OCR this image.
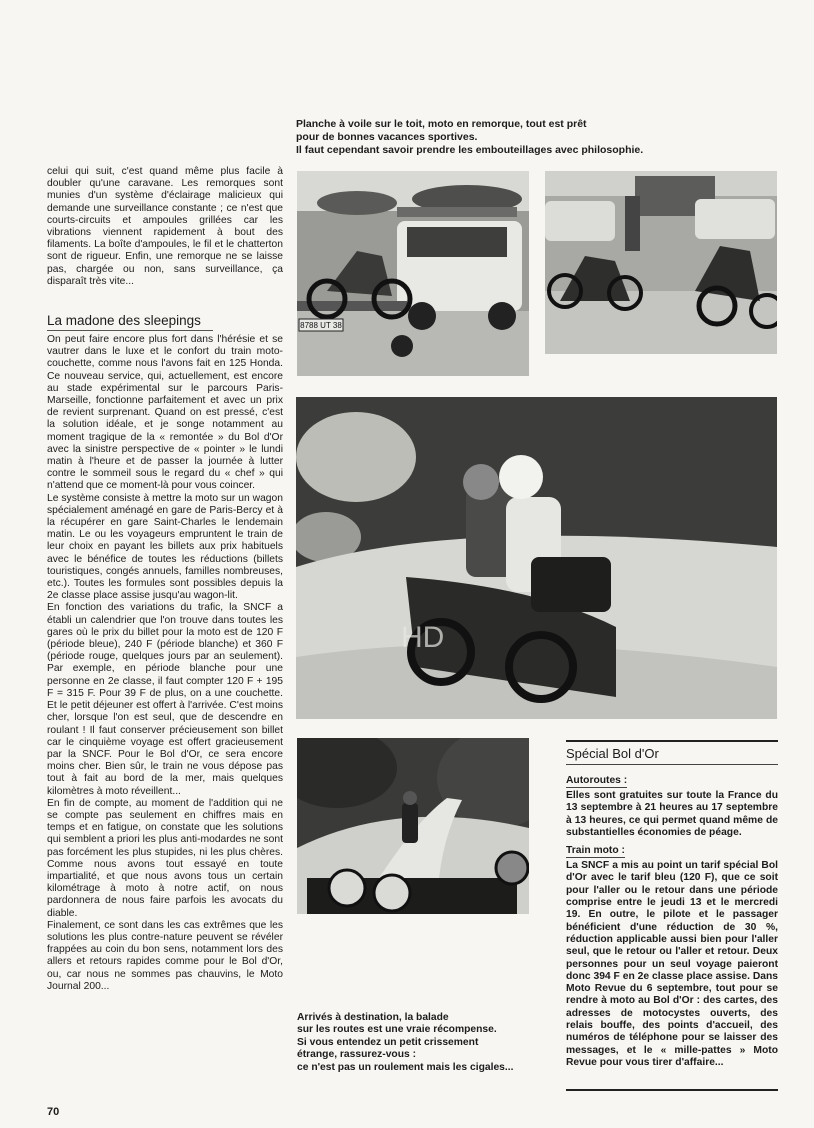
Planche à voile sur le toit, moto en remorque, tout est prêt
pour de bonnes vacances sportives.
Il faut cependant savoir prendre les embouteillages avec philosophie.

celui qui suit, c'est quand même plus facile à doubler qu'une caravane. Les remorques sont munies d'un système d'éclairage malicieux qui demande une surveillance constante ; ce n'est que courts-circuits et ampoules grillées car les vibrations viennent rapidement à bout des filaments. La boîte d'ampoules, le fil et le chatterton sont de rigueur. Enfin, une remorque ne se laisse pas, chargée ou non, sans surveillance, ça disparaît très vite...

La madone des sleepings

On peut faire encore plus fort dans l'hérésie et se vautrer dans le luxe et le confort du train moto-couchette, comme nous l'avons fait en 125 Honda. Ce nouveau service, qui, actuellement, est encore au stade expérimental sur le parcours Paris-Marseille, fonctionne parfaitement et avec un prix de revient surprenant. Quand on est pressé, c'est la solution idéale, et je songe notamment au moment tragique de la « remontée » du Bol d'Or avec la sinistre perspective de « pointer » le lundi matin à l'heure et de passer la journée à lutter contre le sommeil sous le regard du « chef » qui n'attend que ce moment-là pour vous coincer.

Le système consiste à mettre la moto sur un wagon spécialement aménagé en gare de Paris-Bercy et à la récupérer en gare Saint-Charles le lendemain matin. Le ou les voyageurs empruntent le train de leur choix en payant les billets aux prix habituels avec le bénéfice de toutes les réductions (billets touristiques, congés annuels, familles nombreuses, etc.). Toutes les formules sont possibles depuis la 2e classe place assise jusqu'au wagon-lit.

En fonction des variations du trafic, la SNCF a établi un calendrier que l'on trouve dans toutes les gares où le prix du billet pour la moto est de 120 F (période bleue), 240 F (période blanche) et 360 F (période rouge, quelques jours par an seulement). Par exemple, en période blanche pour une personne en 2e classe, il faut compter 120 F + 195 F = 315 F. Pour 39 F de plus, on a une couchette. Et le petit déjeuner est offert à l'arrivée. C'est moins cher, lorsque l'on est seul, que de descendre en roulant ! Il faut conserver précieusement son billet car le cinquième voyage est offert gracieusement par la SNCF. Pour le Bol d'Or, ce sera encore moins cher. Bien sûr, le train ne vous dépose pas tout à fait au bord de la mer, mais quelques kilomètres à moto réveillent...

En fin de compte, au moment de l'addition qui ne se compte pas seulement en chiffres mais en temps et en fatigue, on constate que les solutions qui semblent a priori les plus anti-modardes ne sont pas forcément les plus stupides, ni les plus chères. Comme nous avons tout essayé en toute impartialité, et que nous avons tous un certain kilométrage à moto à notre actif, on nous pardonnera de nous faire parfois les avocats du diable.

Finalement, ce sont dans les cas extrêmes que les solutions les plus contre-nature peuvent se révéler frappées au coin du bon sens, notamment lors des allers et retours rapides comme pour le Bol d'Or, ou, car nous ne sommes pas chauvins, le Moto Journal 200...

8788 UT 38
HD
Arrivés à destination, la balade
sur les routes est une vraie récompense.
Si vous entendez un petit crissement
étrange, rassurez-vous :
ce n'est pas un roulement mais les cigales...
Spécial Bol d'Or
Autoroutes :

Elles sont gratuites sur toute la France du 13 septembre à 21 heures au 17 septembre à 13 heures, ce qui permet quand même de substantielles économies de péage.

Train moto :

La SNCF a mis au point un tarif spécial Bol d'Or avec le tarif bleu (120 F), que ce soit pour l'aller ou le retour dans une période comprise entre le jeudi 13 et le mercredi 19. En outre, le pilote et le passager bénéficient d'une réduction de 30 %, réduction applicable aussi bien pour l'aller seul, que le retour ou l'aller et retour. Deux personnes pour un seul voyage paieront donc 394 F en 2e classe place assise. Dans Moto Revue du 6 septembre, tout pour se rendre à moto au Bol d'Or : des cartes, des adresses de motocystes ouverts, des relais bouffe, des points d'accueil, des numéros de téléphone pour se laisser des messages, et le « mille-pattes » Moto Revue pour vous tirer d'affaire...

70
